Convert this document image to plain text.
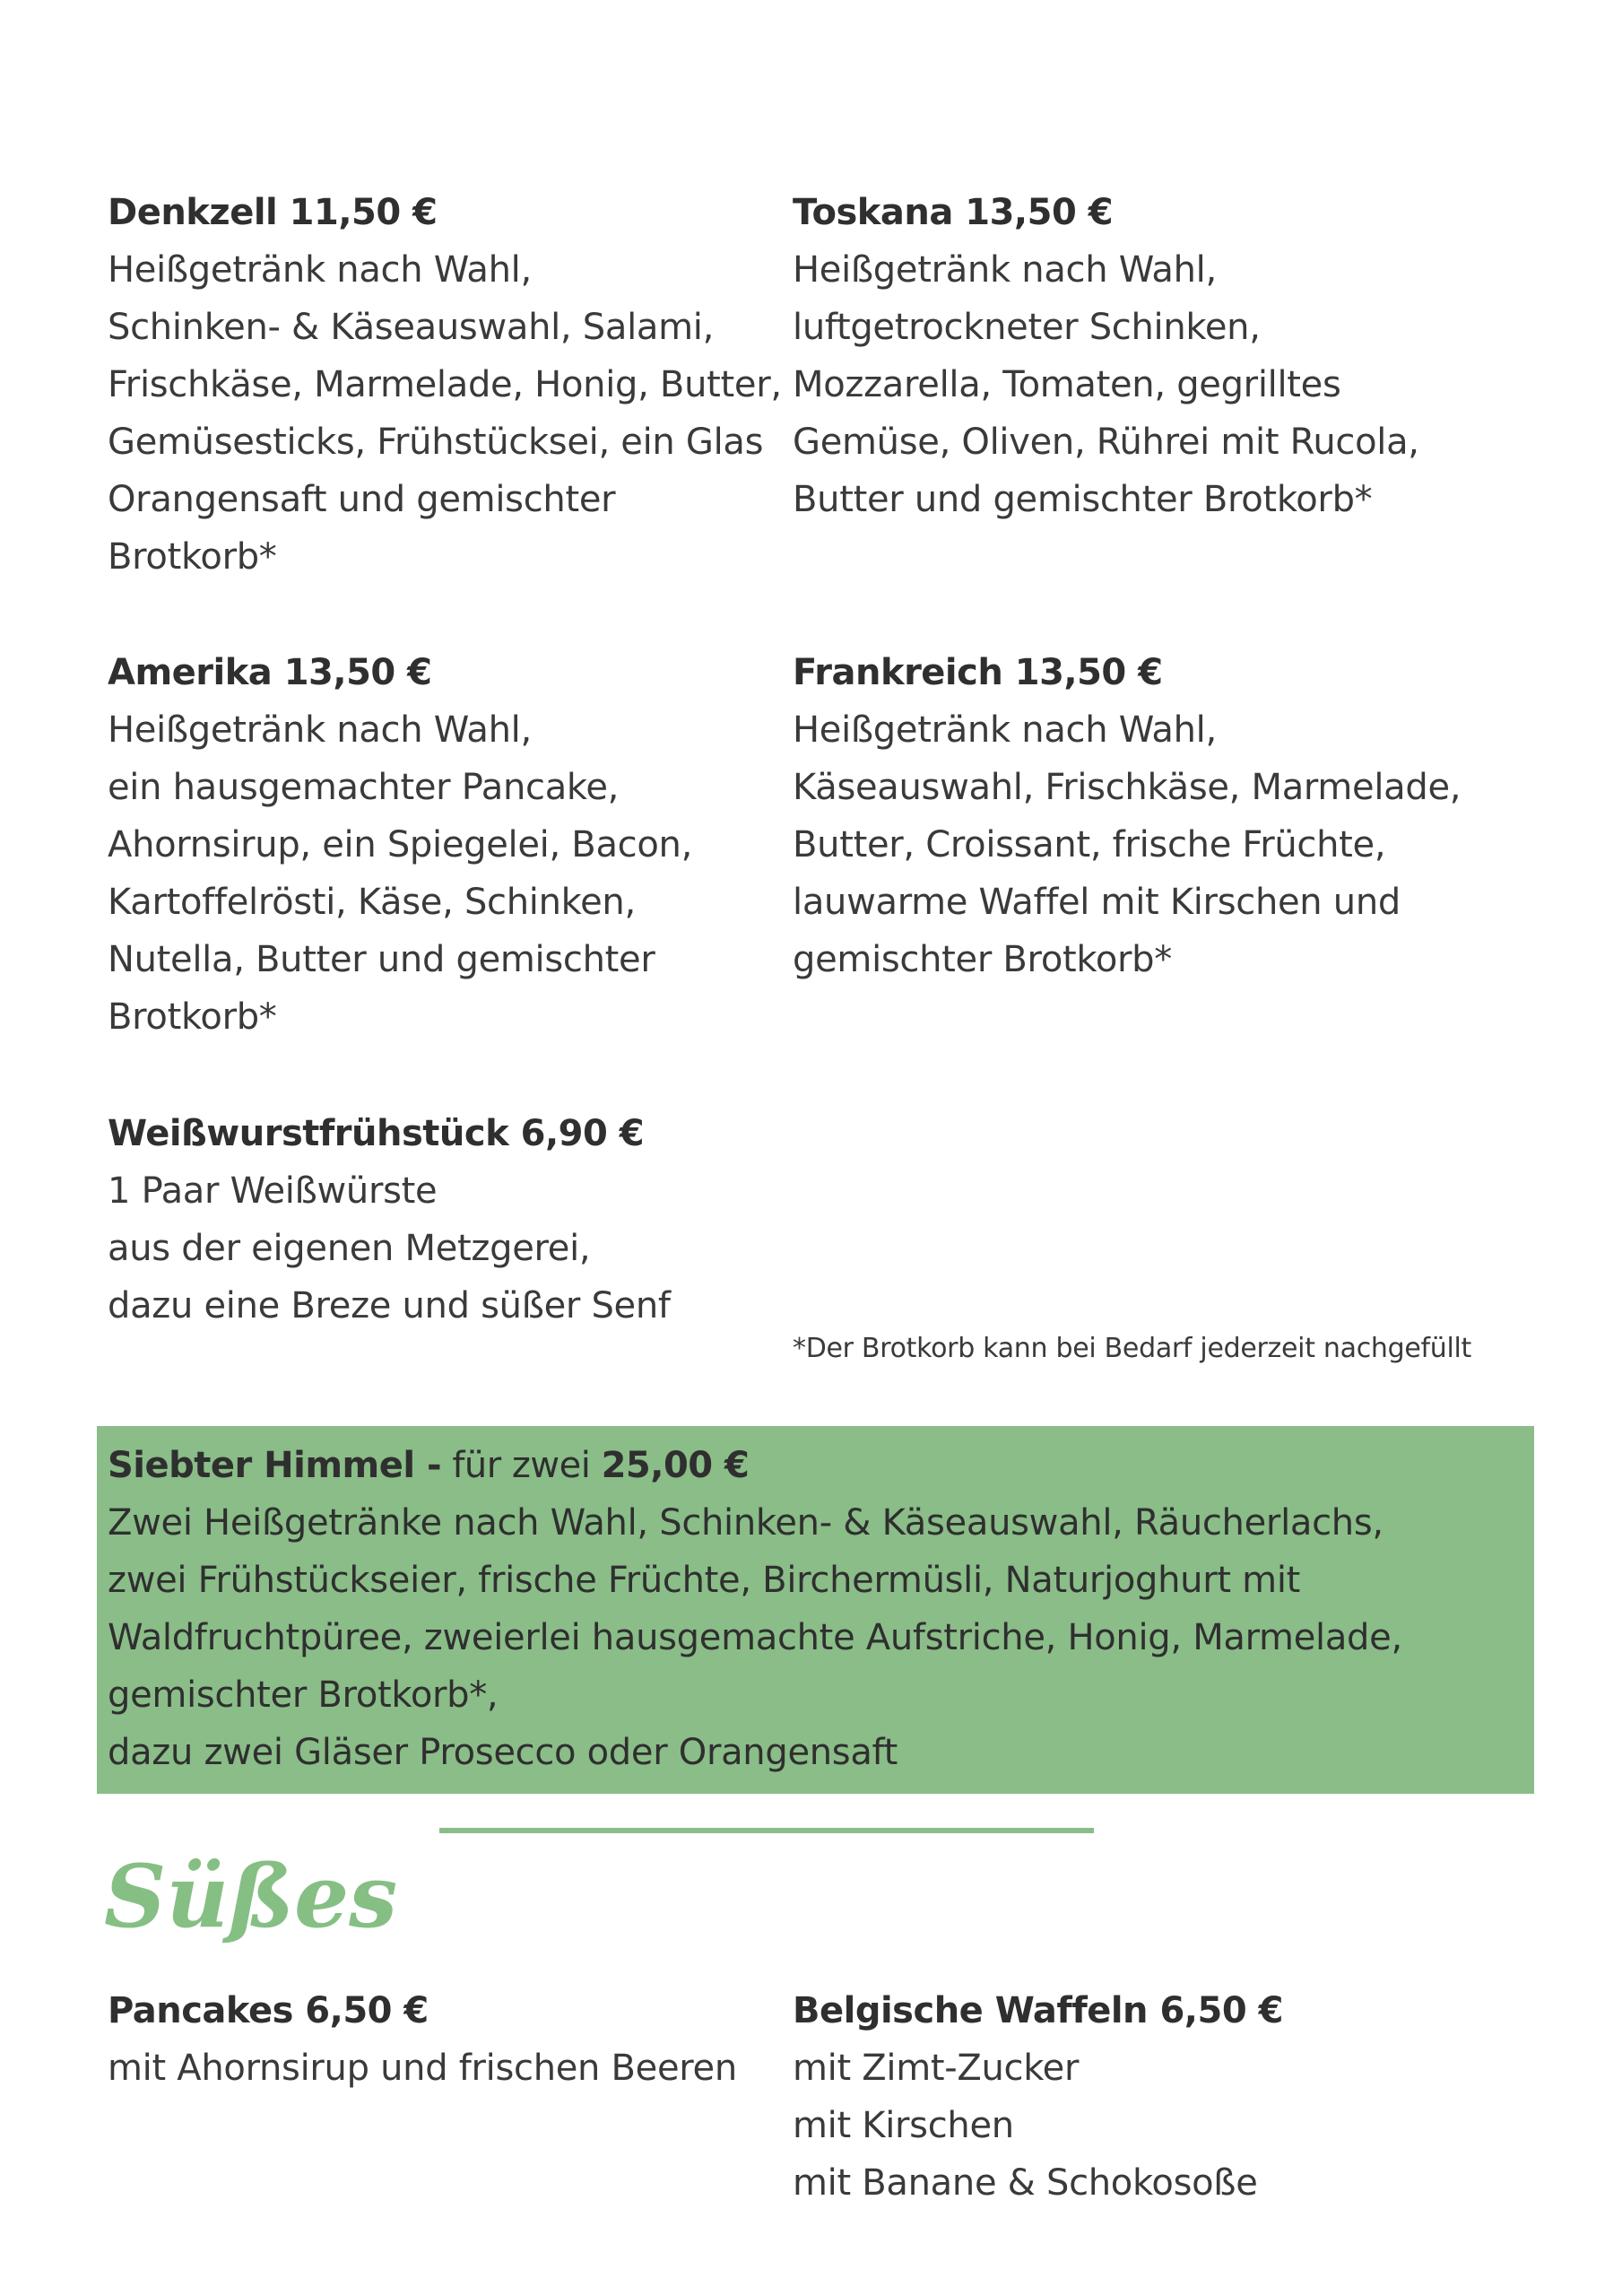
Denkzell 11,50 €
Heißgetränk nach Wahl,
Schinken- & Käseauswahl, Salami,
Frischkäse, Marmelade, Honig, Butter,
Gemüsesticks, Frühstücksei, ein Glas
Orangensaft und gemischter
Brotkorb*
Toskana 13,50 €
Heißgetränk nach Wahl,
luftgetrockneter Schinken,
Mozzarella, Tomaten, gegrilltes
Gemüse, Oliven, Rührei mit Rucola,
Butter und gemischter Brotkorb*
Amerika 13,50 €
Heißgetränk nach Wahl,
ein hausgemachter Pancake,
Ahornsirup, ein Spiegelei, Bacon,
Kartoffelrösti, Käse, Schinken,
Nutella, Butter und gemischter
Brotkorb*
Frankreich 13,50 €
Heißgetränk nach Wahl,
Käseauswahl, Frischkäse, Marmelade,
Butter, Croissant, frische Früchte,
lauwarme Waffel mit Kirschen und
gemischter Brotkorb*
Weißwurstfrühstück 6,90 €
1 Paar Weißwürste
aus der eigenen Metzgerei,
dazu eine Breze und süßer Senf
*Der Brotkorb kann bei Bedarf jederzeit nachgefüllt
Siebter Himmel - für zwei 25,00 €
Zwei Heißgetränke nach Wahl, Schinken- & Käseauswahl, Räucherlachs,
zwei Frühstückseier, frische Früchte, Birchermüsli, Naturjoghurt mit
Waldfruchtpüree, zweierlei hausgemachte Aufstriche, Honig, Marmelade,
gemischter Brotkorb*,
dazu zwei Gläser Prosecco oder Orangensaft
Süßes
Pancakes 6,50 €
mit Ahornsirup und frischen Beeren
Belgische Waffeln 6,50 €
mit Zimt-Zucker
mit Kirschen
mit Banane & Schokosoße
